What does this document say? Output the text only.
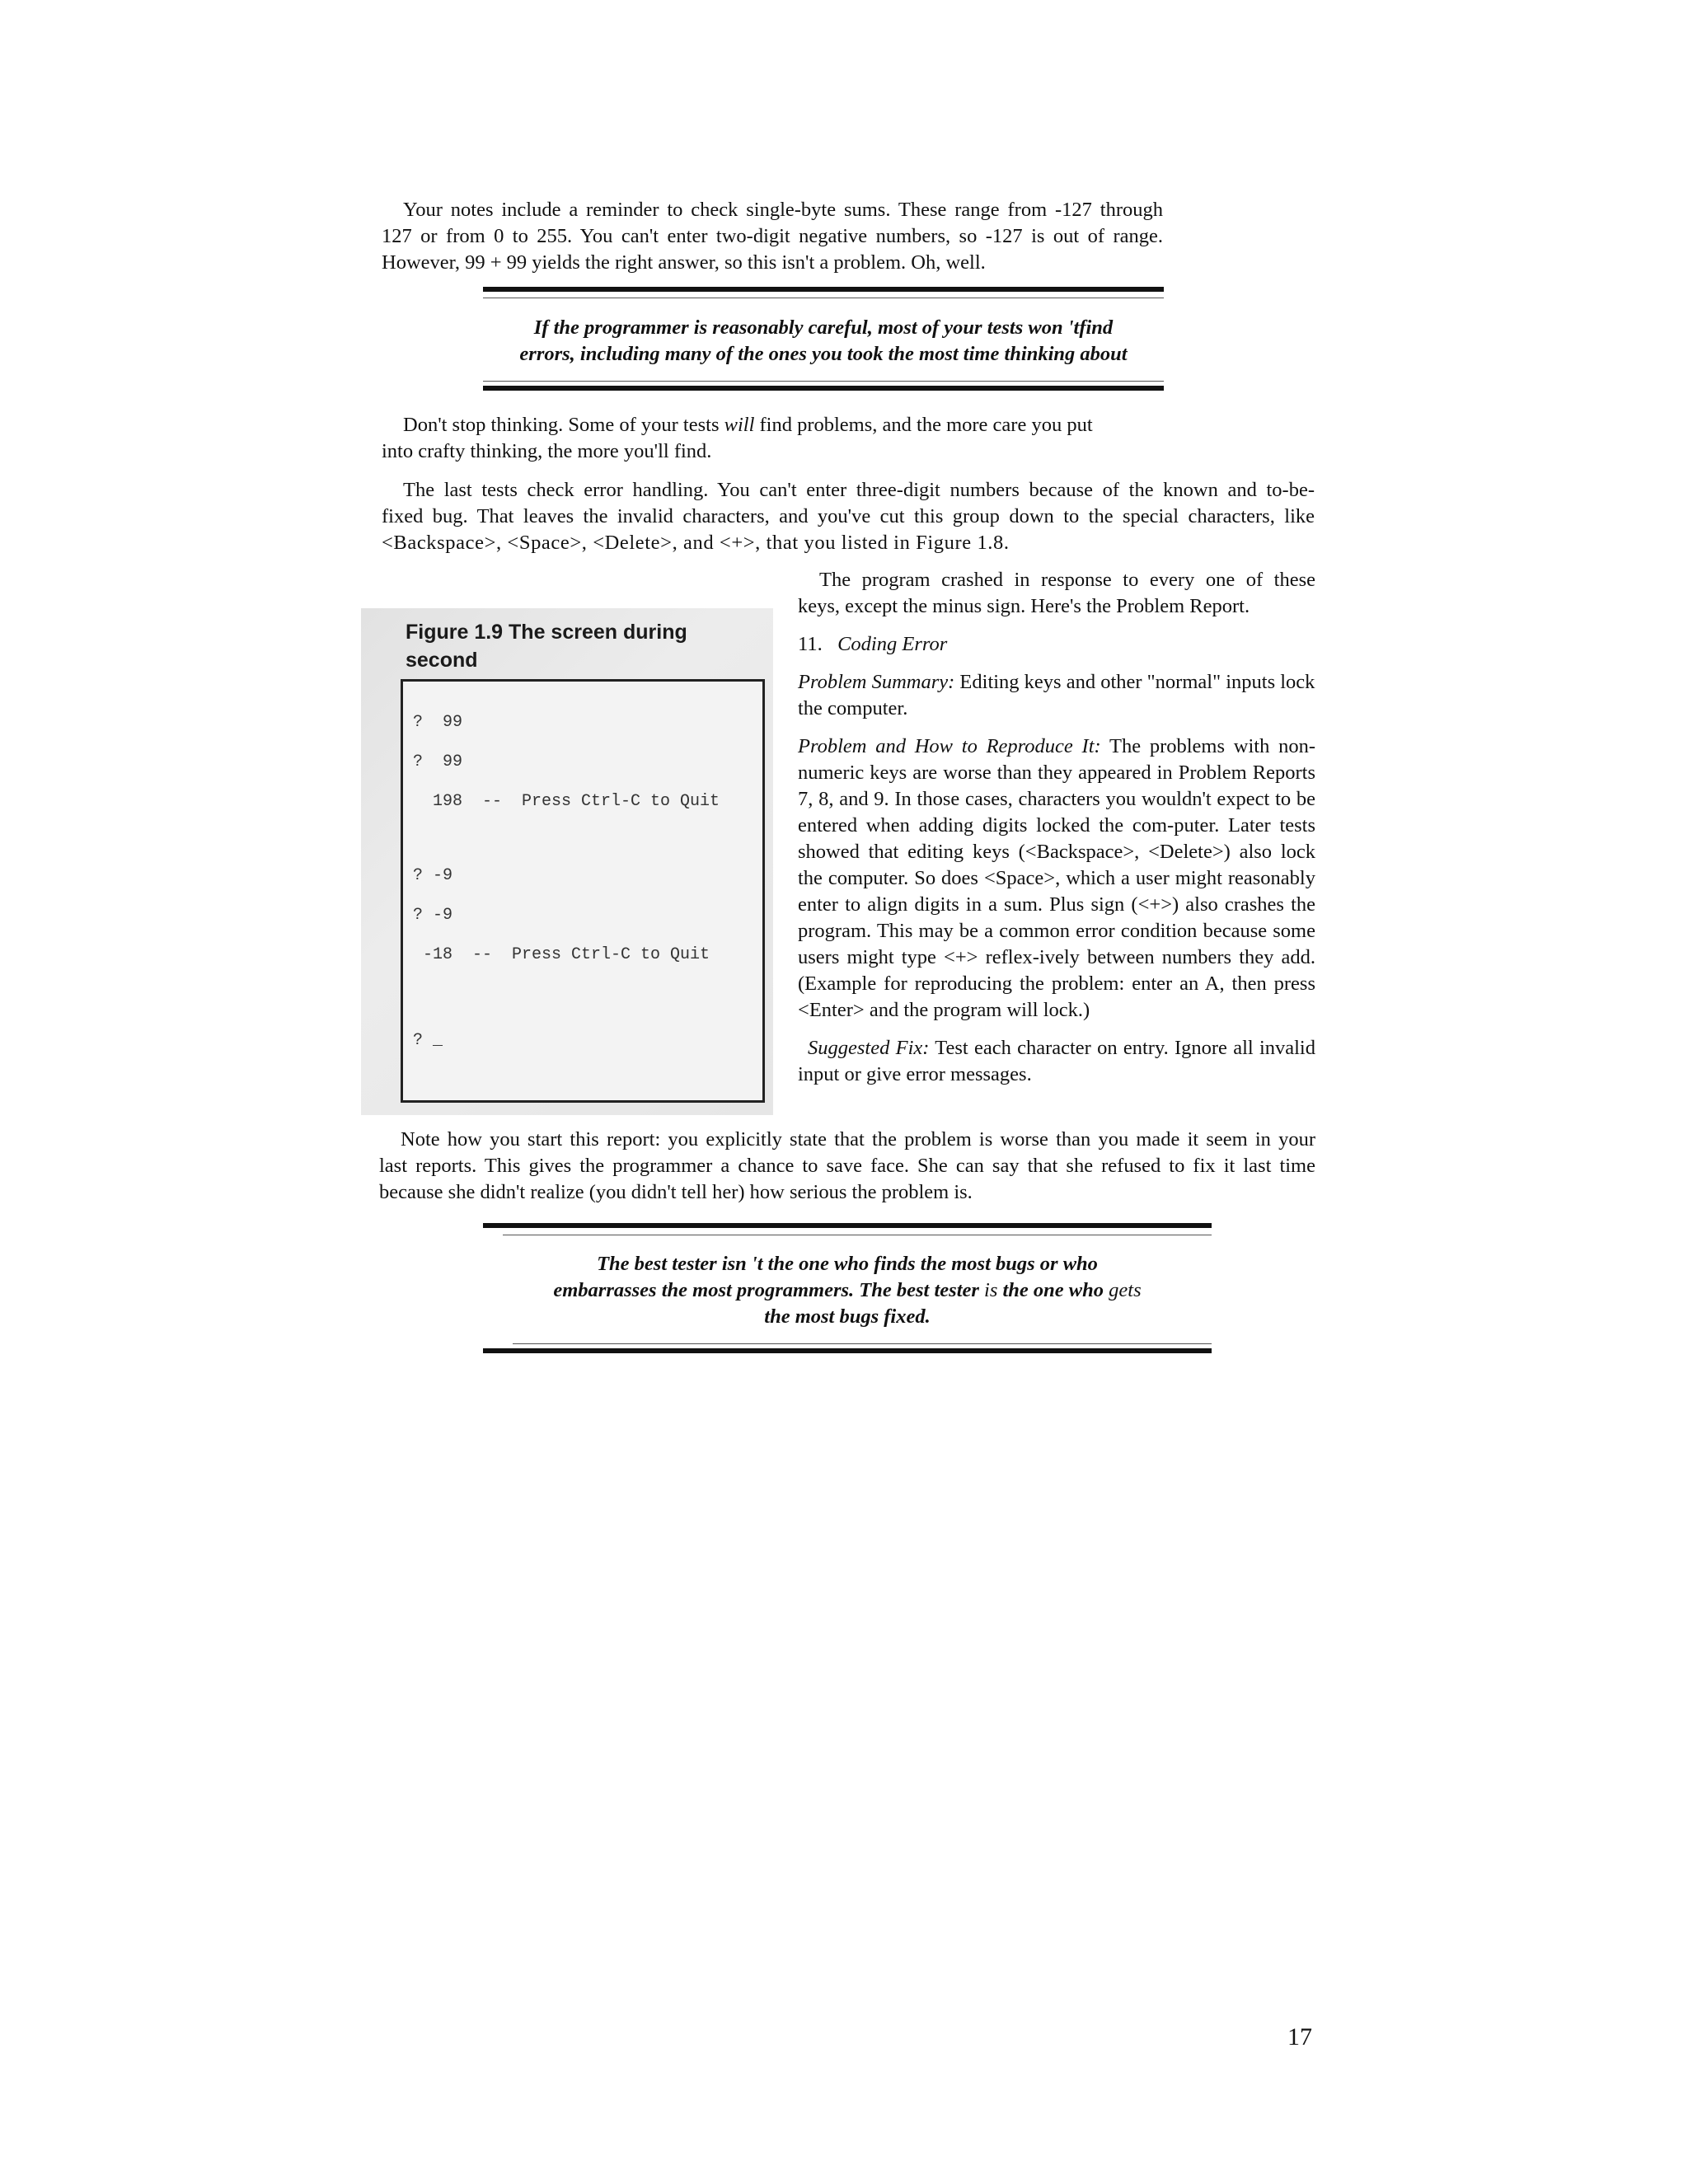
Your notes include a reminder to check single-byte sums. These range from -127 through

127 or from 0 to 255. You can't enter two-digit negative numbers, so -127 is out of range.

However, 99 + 99 yields the right answer, so this isn't a problem. Oh, well.

If the programmer is reasonably careful, most of your tests won 'tfind
errors, including many of the ones you took the most time thinking about

Don't stop thinking. Some of your tests will find problems, and the more care you put

into crafty thinking, the more you'll find.

The last tests check error handling. You can't enter three-digit numbers because of the known and to-be-

fixed bug. That leaves the invalid characters, and you've cut this group down to the special characters, like

<Backspace>, <Space>, <Delete>, and <+>, that you listed in Figure 1.8.

Figure 1.9 The screen during second
?  99
?  99
198  --  Press Ctrl-C to Quit
? -9
? -9
-18  --  Press Ctrl-C to Quit
? _

The program crashed in response to every one of these

keys, except the minus sign. Here's the Problem Report.

11. Coding Error

Problem Summary: Editing keys and other "normal" inputs lock the computer.

Problem and How to Reproduce It: The problems with non-numeric keys are worse than they appeared in Problem Reports 7, 8, and 9. In those cases, characters you wouldn't expect to be entered when adding digits locked the com-puter. Later tests showed that editing keys (<Backspace>, <Delete>) also lock the computer. So does <Space>, which a user might reasonably enter to align digits in a sum. Plus sign (<+>) also crashes the program. This may be a common error condition because some users might type <+> reflex-ively between numbers they add. (Example for reproducing the problem: enter an A, then press <Enter> and the program will lock.)

Suggested Fix: Test each character on entry. Ignore all invalid input or give error messages.

Note how you start this report: you explicitly state that the problem is worse than you made it seem in your

last reports. This gives the programmer a chance to save face. She can say that she refused to fix it last time

because she didn't realize (you didn't tell her) how serious the problem is.

The best tester isn 't the one who finds the most bugs or who
embarrasses the most programmers. The best tester is the one who gets
the most bugs fixed.
17
